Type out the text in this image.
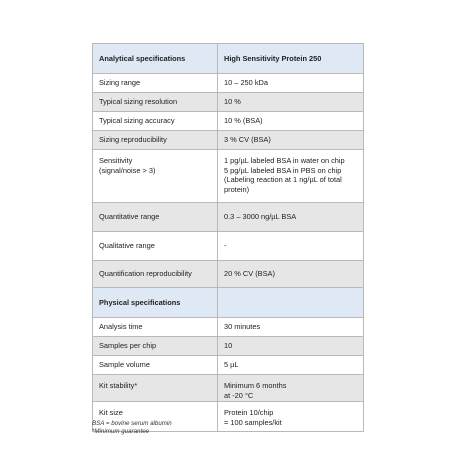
Analytical specifications	High Sensitivity Protein 250
Sizing range	10 – 250 kDa
Typical sizing resolution	10 %
Typical sizing accuracy	10 % (BSA)
Sizing reproducibility	3 % CV (BSA)

Sensitivity
(signal/noise > 3)	1 pg/µL labeled BSA in water on chip
5 pg/µL labeled BSA in PBS on chip
(Labeling reaction at 1 ng/µL of total
protein)

Quantitative range	0.3 – 3000 ng/µL BSA
Qualitative range	-
Quantification reproducibility	20 % CV (BSA)
Physical specifications	
Analysis time	30 minutes
Samples per chip	10
Sample volume	5 µL
Kit stability*	Minimum 6 months
at -20 °C

Kit size	Protein 10/chip
= 100 samples/kit
BSA = bovine serum albumin
*Minimum guarantee
